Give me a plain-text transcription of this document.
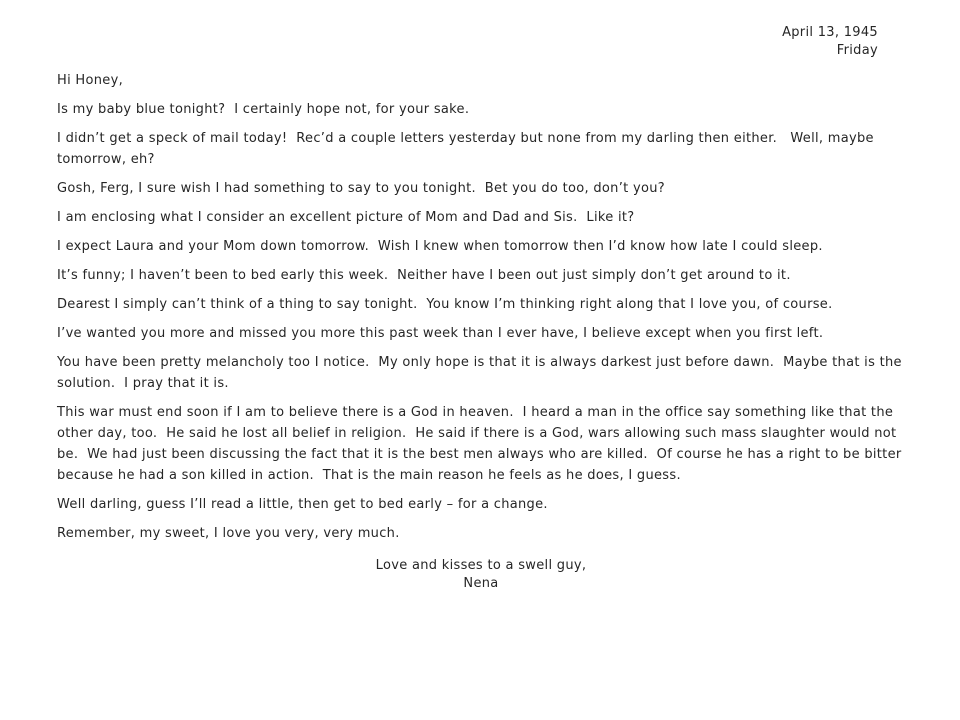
April 13, 1945
Friday

Hi Honey,

Is my baby blue tonight?  I certainly hope not, for your sake.

I didn’t get a speck of mail today!  Rec’d a couple letters yesterday but none from my darling then either.   Well, maybe tomorrow, eh?

Gosh, Ferg, I sure wish I had something to say to you tonight.  Bet you do too, don’t you?

I am enclosing what I consider an excellent picture of Mom and Dad and Sis.  Like it?

I expect Laura and your Mom down tomorrow.  Wish I knew when tomorrow then I’d know how late I could sleep.

It’s funny; I haven’t been to bed early this week.  Neither have I been out just simply don’t get around to it.

Dearest I simply can’t think of a thing to say tonight.  You know I’m thinking right along that I love you, of course.

I’ve wanted you more and missed you more this past week than I ever have, I believe except when you first left.

You have been pretty melancholy too I notice.  My only hope is that it is always darkest just before dawn.  Maybe that is the solution.  I pray that it is.

This war must end soon if I am to believe there is a God in heaven.  I heard a man in the office say something like that the other day, too.  He said he lost all belief in religion.  He said if there is a God, wars allowing such mass slaughter would not be.  We had just been discussing the fact that it is the best men always who are killed.  Of course he has a right to be bitter because he had a son killed in action.  That is the main reason he feels as he does, I guess.

Well darling, guess I’ll read a little, then get to bed early – for a change.

Remember, my sweet, I love you very, very much.

Love and kisses to a swell guy,
Nena
